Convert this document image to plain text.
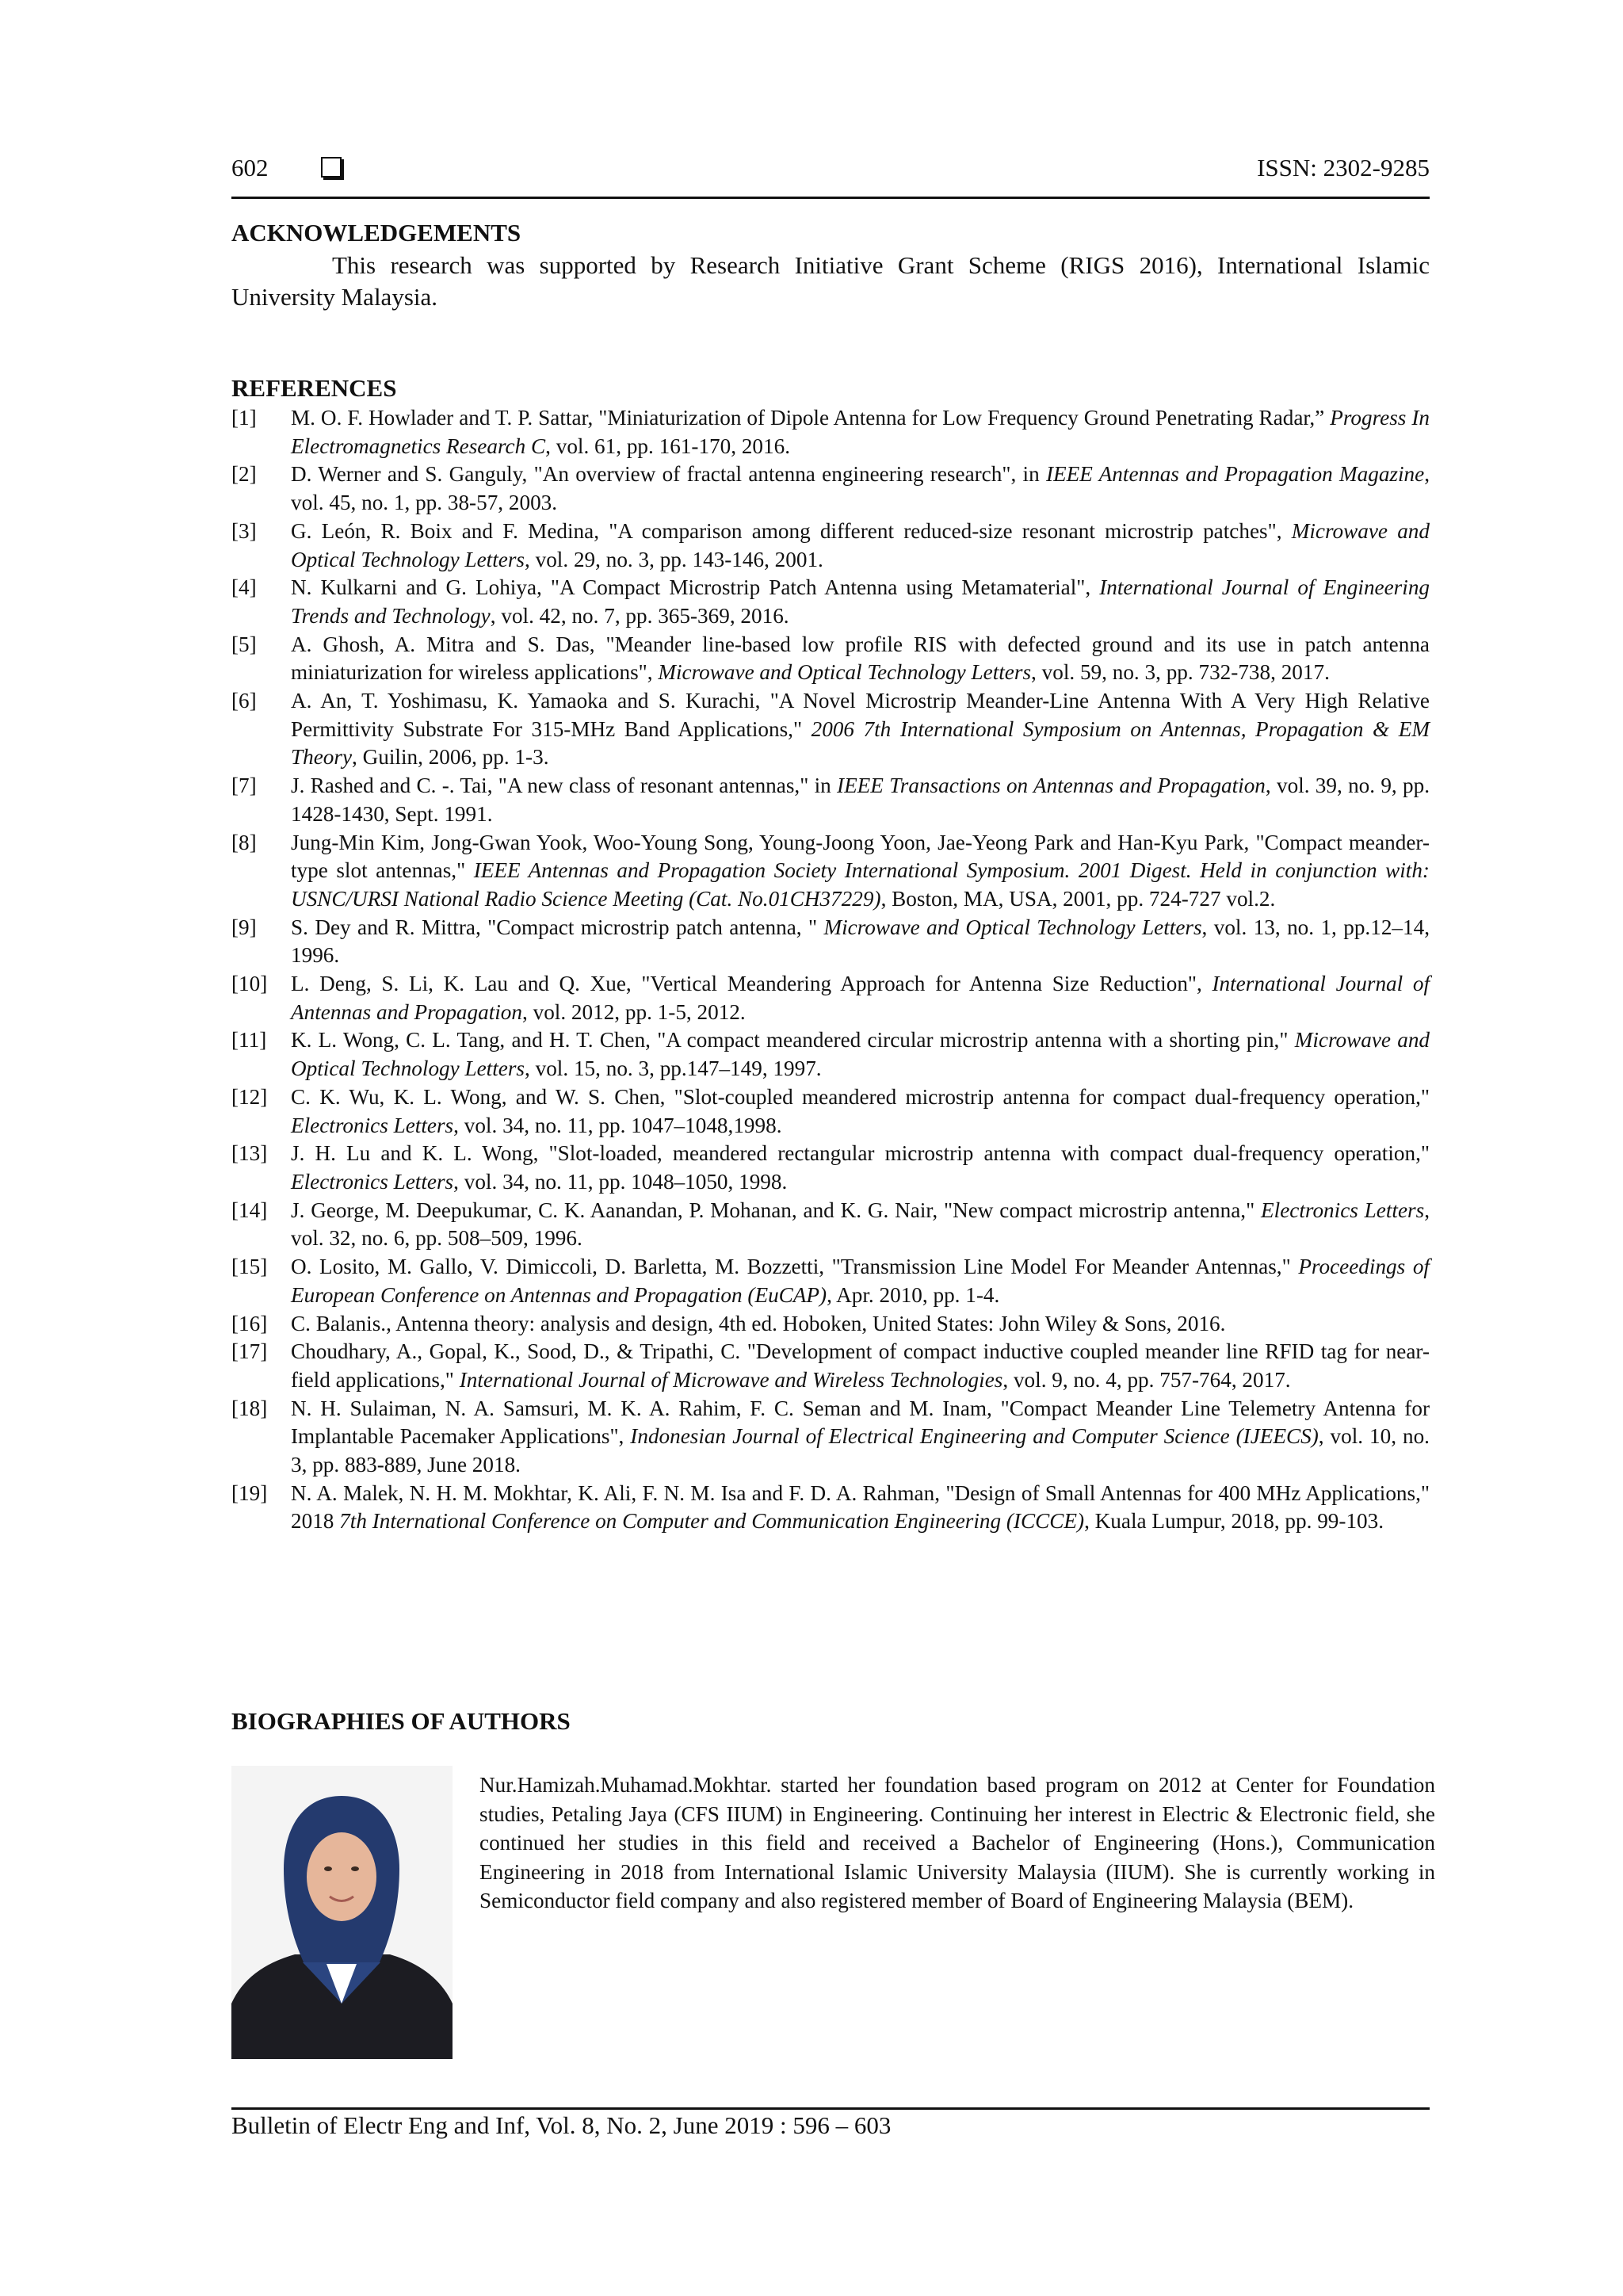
602	ISSN: 2302-9285
ACKNOWLEDGEMENTS
This research was supported by Research Initiative Grant Scheme (RIGS 2016), International Islamic University Malaysia.
REFERENCES
[1] M. O. F. Howlader and T. P. Sattar, "Miniaturization of Dipole Antenna for Low Frequency Ground Penetrating Radar,” Progress In Electromagnetics Research C, vol. 61, pp. 161-170, 2016.
[2] D. Werner and S. Ganguly, "An overview of fractal antenna engineering research", in IEEE Antennas and Propagation Magazine, vol. 45, no. 1, pp. 38-57, 2003.
[3] G. León, R. Boix and F. Medina, "A comparison among different reduced-size resonant microstrip patches", Microwave and Optical Technology Letters, vol. 29, no. 3, pp. 143-146, 2001.
[4] N. Kulkarni and G. Lohiya, "A Compact Microstrip Patch Antenna using Metamaterial", International Journal of Engineering Trends and Technology, vol. 42, no. 7, pp. 365-369, 2016.
[5] A. Ghosh, A. Mitra and S. Das, "Meander line-based low profile RIS with defected ground and its use in patch antenna miniaturization for wireless applications", Microwave and Optical Technology Letters, vol. 59, no. 3, pp. 732-738, 2017.
[6] A. An, T. Yoshimasu, K. Yamaoka and S. Kurachi, "A Novel Microstrip Meander-Line Antenna With A Very High Relative Permittivity Substrate For 315-MHz Band Applications," 2006 7th International Symposium on Antennas, Propagation & EM Theory, Guilin, 2006, pp. 1-3.
[7] J. Rashed and C. -. Tai, "A new class of resonant antennas," in IEEE Transactions on Antennas and Propagation, vol. 39, no. 9, pp. 1428-1430, Sept. 1991.
[8] Jung-Min Kim, Jong-Gwan Yook, Woo-Young Song, Young-Joong Yoon, Jae-Yeong Park and Han-Kyu Park, "Compact meander-type slot antennas," IEEE Antennas and Propagation Society International Symposium. 2001 Digest. Held in conjunction with: USNC/URSI National Radio Science Meeting (Cat. No.01CH37229), Boston, MA, USA, 2001, pp. 724-727 vol.2.
[9] S. Dey and R. Mittra, "Compact microstrip patch antenna, " Microwave and Optical Technology Letters, vol. 13, no. 1, pp.12–14, 1996.
[10] L. Deng, S. Li, K. Lau and Q. Xue, "Vertical Meandering Approach for Antenna Size Reduction", International Journal of Antennas and Propagation, vol. 2012, pp. 1-5, 2012.
[11] K. L. Wong, C. L. Tang, and H. T. Chen, "A compact meandered circular microstrip antenna with a shorting pin," Microwave and Optical Technology Letters, vol. 15, no. 3, pp.147–149, 1997.
[12] C. K. Wu, K. L. Wong, and W. S. Chen, "Slot-coupled meandered microstrip antenna for compact dual-frequency operation," Electronics Letters, vol. 34, no. 11, pp. 1047–1048,1998.
[13] J. H. Lu and K. L. Wong, "Slot-loaded, meandered rectangular microstrip antenna with compact dual-frequency operation," Electronics Letters, vol. 34, no. 11, pp. 1048–1050, 1998.
[14] J. George, M. Deepukumar, C. K. Aanandan, P. Mohanan, and K. G. Nair, "New compact microstrip antenna," Electronics Letters, vol. 32, no. 6, pp. 508–509, 1996.
[15] O. Losito, M. Gallo, V. Dimiccoli, D. Barletta, M. Bozzetti, "Transmission Line Model For Meander Antennas," Proceedings of European Conference on Antennas and Propagation (EuCAP), Apr. 2010, pp. 1-4.
[16] C. Balanis., Antenna theory: analysis and design, 4th ed. Hoboken, United States: John Wiley & Sons, 2016.
[17] Choudhary, A., Gopal, K., Sood, D., & Tripathi, C. "Development of compact inductive coupled meander line RFID tag for near-field applications," International Journal of Microwave and Wireless Technologies, vol. 9, no. 4, pp. 757-764, 2017.
[18] N. H. Sulaiman, N. A. Samsuri, M. K. A. Rahim, F. C. Seman and M. Inam, "Compact Meander Line Telemetry Antenna for Implantable Pacemaker Applications", Indonesian Journal of Electrical Engineering and Computer Science (IJEECS), vol. 10, no. 3, pp. 883-889, June 2018.
[19] N. A. Malek, N. H. M. Mokhtar, K. Ali, F. N. M. Isa and F. D. A. Rahman, "Design of Small Antennas for 400 MHz Applications," 2018 7th International Conference on Computer and Communication Engineering (ICCCE), Kuala Lumpur, 2018, pp. 99-103.
BIOGRAPHIES OF AUTHORS
Nur.Hamizah.Muhamad.Mokhtar. started her foundation based program on 2012 at Center for Foundation studies, Petaling Jaya (CFS IIUM) in Engineering. Continuing her interest in Electric & Electronic field, she continued her studies in this field and received a Bachelor of Engineering (Hons.), Communication Engineering in 2018 from International Islamic University Malaysia (IIUM). She is currently working in Semiconductor field company and also registered member of Board of Engineering Malaysia (BEM).
Bulletin of Electr Eng and Inf, Vol. 8, No. 2, June 2019 : 596 – 603
